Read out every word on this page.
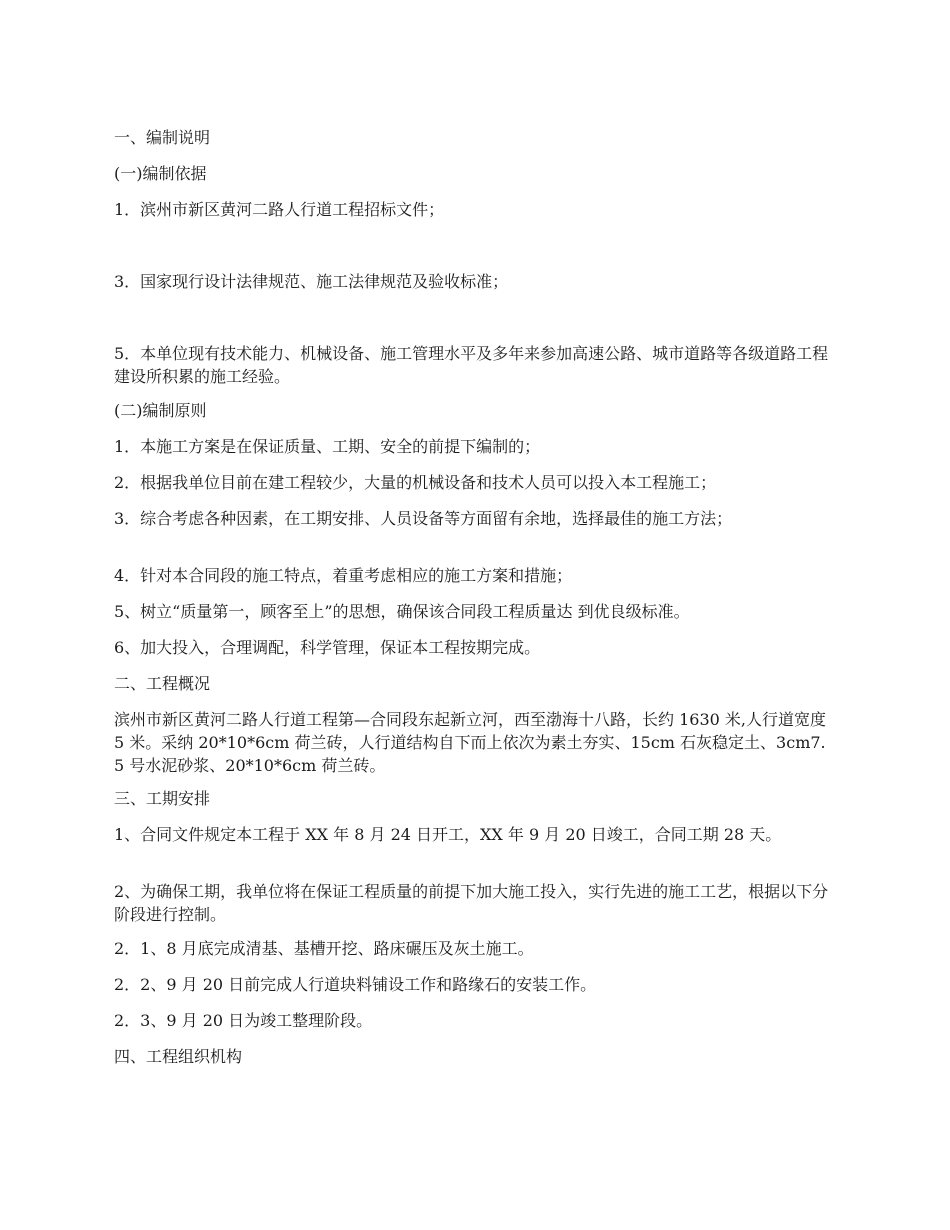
一、编制说明
(一)编制依据
1．滨州市新区黄河二路人行道工程招标文件；
3．国家现行设计法律规范、施工法律规范及验收标准；
5．本单位现有技术能力、机械设备、施工管理水平及多年来参加高速公路、城市道路等各级道路工程建设所积累的施工经验。
(二)编制原则
1．本施工方案是在保证质量、工期、安全的前提下编制的；
2．根据我单位目前在建工程较少，大量的机械设备和技术人员可以投入本工程施工；
3．综合考虑各种因素，在工期安排、人员设备等方面留有余地，选择最佳的施工方法；
4．针对本合同段的施工特点，着重考虑相应的施工方案和措施；
5、树立“质量第一，顾客至上”的思想，确保该合同段工程质量达 到优良级标准。
6、加大投入，合理调配，科学管理，保证本工程按期完成。
二、工程概况
滨州市新区黄河二路人行道工程第—合同段东起新立河，西至渤海十八路，长约 1630 米,人行道宽度 5 米。采纳 20*10*6cm 荷兰砖，人行道结构自下而上依次为素土夯实、15cm 石灰稳定土、3cm7.5 号水泥砂浆、20*10*6cm 荷兰砖。
三、工期安排
1、合同文件规定本工程于 XX 年 8 月 24 日开工，XX 年 9 月 20 日竣工，合同工期 28 天。
2、为确保工期，我单位将在保证工程质量的前提下加大施工投入，实行先进的施工工艺，根据以下分阶段进行控制。
2．1、8 月底完成清基、基槽开挖、路床碾压及灰土施工。
2．2、9 月 20 日前完成人行道块料铺设工作和路缘石的安装工作。
2．3、9 月 20 日为竣工整理阶段。
四、工程组织机构
